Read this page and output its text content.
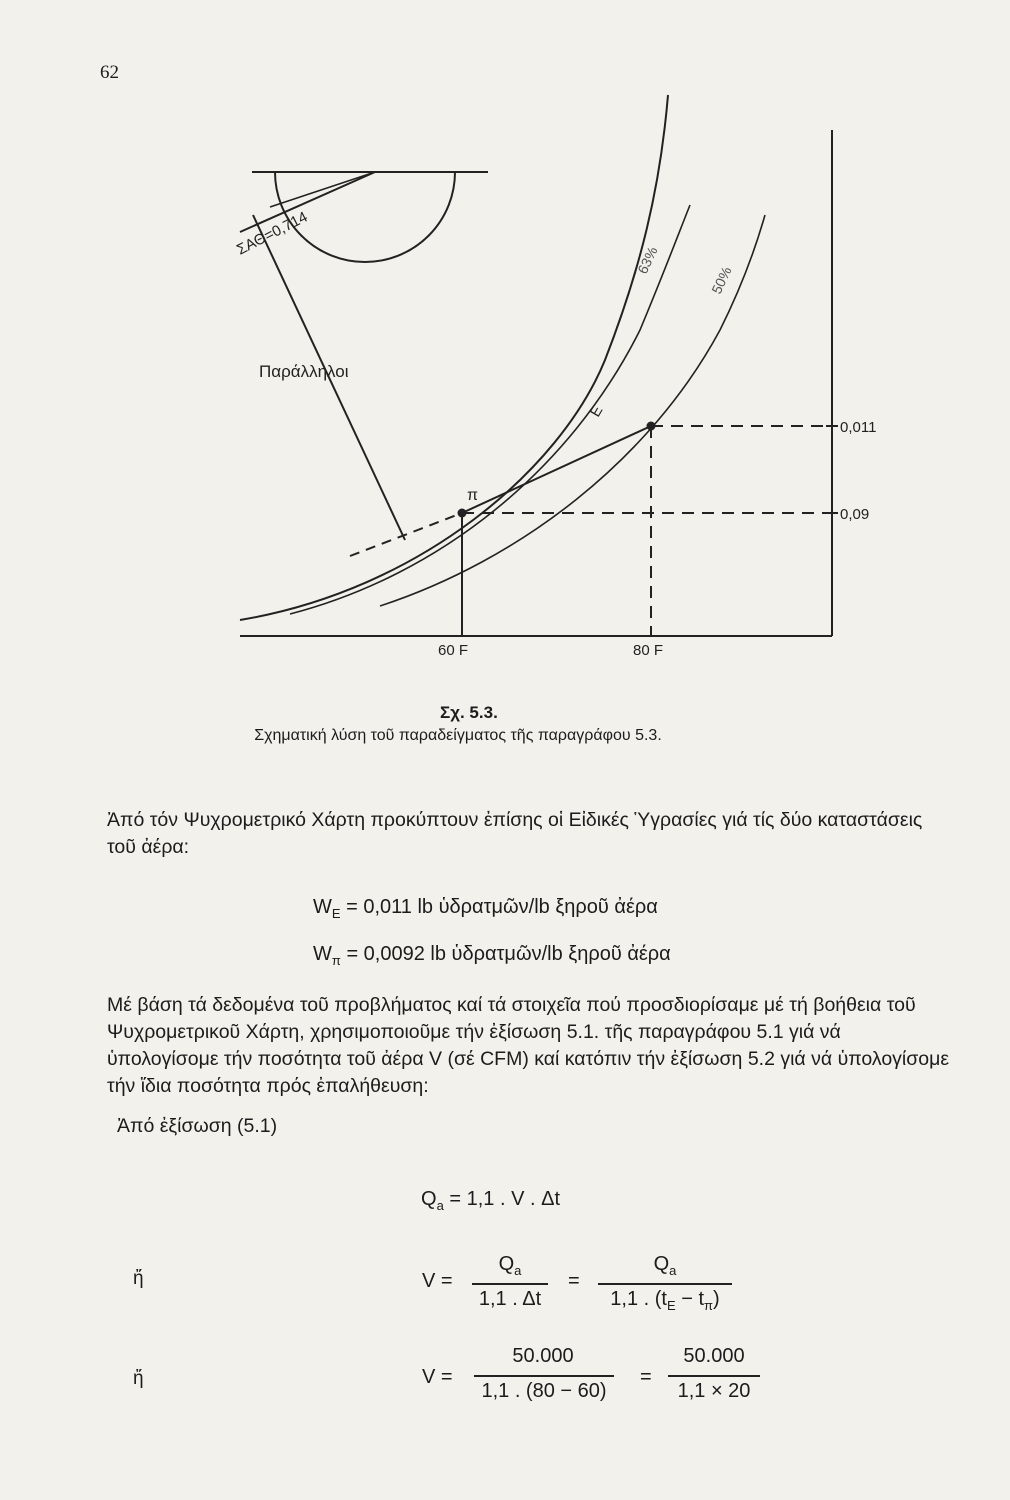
62
ΣΑΘ=0,714
Παράλληλοι
63%
50%
E
π
0,011
0,09
60 F	80 F
Σχ. 5.3.
Σχηματική λύση τοῦ παραδείγματος τῆς παραγράφου 5.3.
Ἀπό τόν Ψυχρομετρικό Χάρτη προκύπτουν ἐπίσης οἱ Εἰδικές Ὑγρασίες γιά τίς δύο καταστάσεις τοῦ ἀέρα:
$W_E = 0,011$ lb ὑδρατμῶν/lb ξηροῦ ἀέρα
$W_\pi = 0,0092$ lb ὑδρατμῶν/lb ξηροῦ ἀέρα
Μέ βάση τά δεδομένα τοῦ προβλήματος καί τά στοιχεῖα πού προσδιορίσαμε μέ τή βοήθεια τοῦ Ψυχρομετρικοῦ Χάρτη, χρησιμοποιοῦμε τήν ἐξίσωση 5.1. τῆς παραγράφου 5.1 γιά νά ὑπολογίσομε τήν ποσότητα τοῦ ἀέρα V (σέ CFM) καί κατόπιν τήν ἐξίσωση 5.2 γιά νά ὑπολογίσομε τήν ἴδια ποσότητα πρός ἐπαλήθευση:
Ἀπό ἐξίσωση (5.1)
$Q_a = 1,1$ . V . Δt
ἤ	V =
$Q_a$
1,1 . Δt
=
$Q_a$
1,1 . $(t_E - t_\pi)$
ἤ	V =
50.000
1,1 . (80 − 60)
=
50.000
1,1 × 20
